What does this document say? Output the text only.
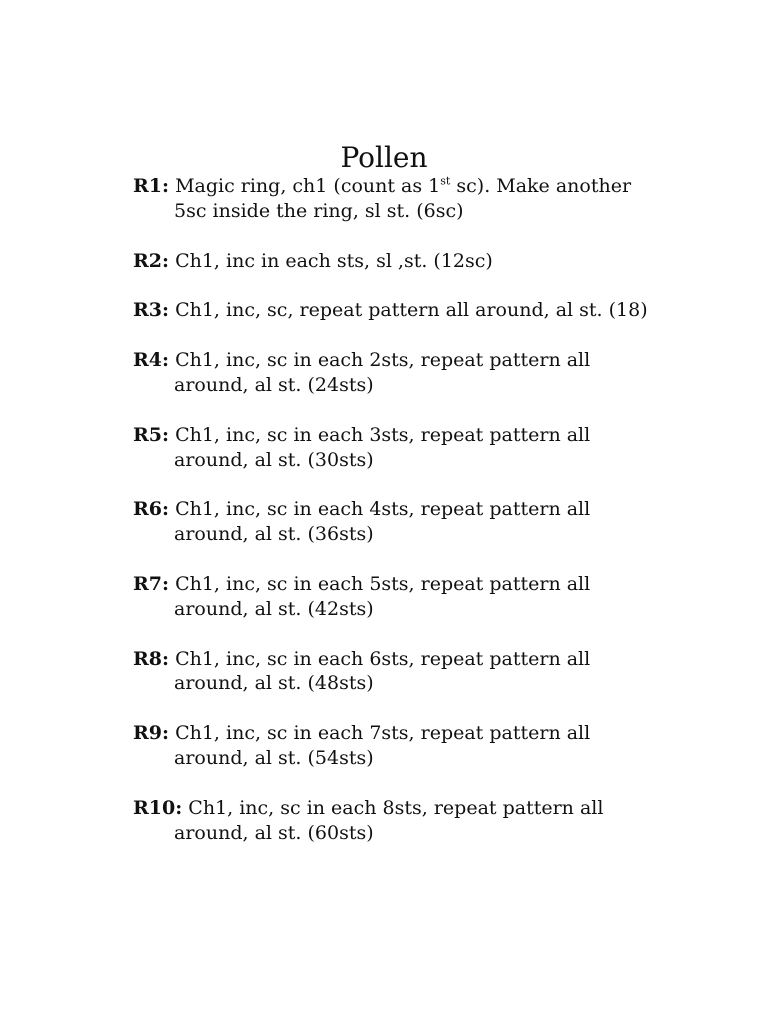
Pollen
R1: Magic ring, ch1 (count as 1st sc). Make another 5sc inside the ring, sl st. (6sc)
R2: Ch1, inc in each sts, sl ,st. (12sc)
R3: Ch1, inc, sc, repeat pattern all around, al st. (18)
R4: Ch1, inc, sc in each 2sts, repeat pattern all around, al st. (24sts)
R5: Ch1, inc, sc in each 3sts, repeat pattern all around, al st. (30sts)
R6: Ch1, inc, sc in each 4sts, repeat pattern all around, al st. (36sts)
R7: Ch1, inc, sc in each 5sts, repeat pattern all around, al st. (42sts)
R8: Ch1, inc, sc in each 6sts, repeat pattern all around, al st. (48sts)
R9: Ch1, inc, sc in each 7sts, repeat pattern all around, al st. (54sts)
R10: Ch1, inc, sc in each 8sts, repeat pattern all around, al st. (60sts)
